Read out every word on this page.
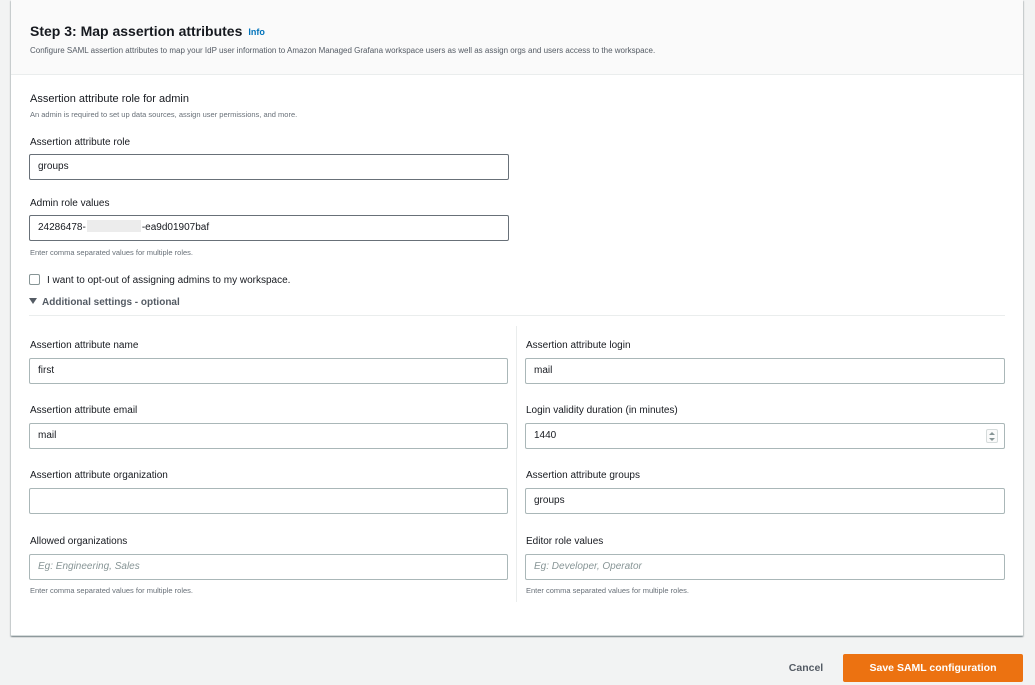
Step 3: Map assertion attributes Info
Configure SAML assertion attributes to map your IdP user information to Amazon Managed Grafana workspace users as well as assign orgs and users access to the workspace.
Assertion attribute role for admin
An admin is required to set up data sources, assign user permissions, and more.
Assertion attribute role
groups
Admin role values
24286478-	-ea9d01907baf
Enter comma separated values for multiple roles.
I want to opt-out of assigning admins to my workspace.
Additional settings - optional
Assertion attribute name
first
Assertion attribute email
mail
Assertion attribute organization
Allowed organizations
Eg: Engineering, Sales
Enter comma separated values for multiple roles.
Assertion attribute login
mail
Login validity duration (in minutes)
1440
Assertion attribute groups
groups
Editor role values
Eg: Developer, Operator
Enter comma separated values for multiple roles.
Cancel	Save SAML configuration
